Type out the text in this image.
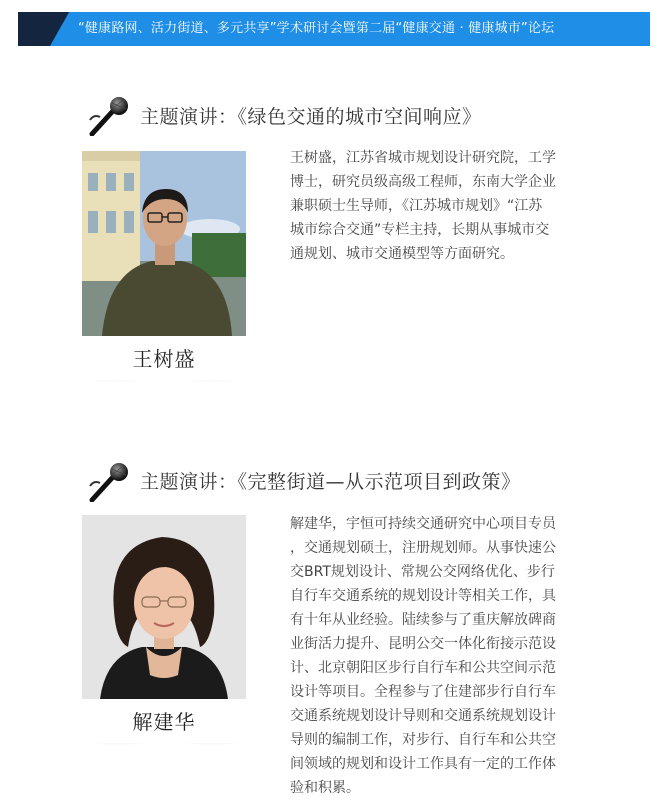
“健康路网、活力街道、多元共享”学术研讨会暨第二届“健康交通 · 健康城市”论坛
主题演讲：《绿色交通的城市空间响应》
王树盛

王树盛，江苏省城市规划设计研究院，工学

博士，研究员级高级工程师，东南大学企业

兼职硕士生导师，《江苏城市规划》“江苏

城市综合交通”专栏主持，长期从事城市交

通规划、城市交通模型等方面研究。

主题演讲：《完整街道—从示范项目到政策》
解建华

解建华，宇恒可持续交通研究中心项目专员

，交通规划硕士，注册规划师。从事快速公

交BRT规划设计、常规公交网络优化、步行

自行车交通系统的规划设计等相关工作，具

有十年从业经验。陆续参与了重庆解放碑商

业街活力提升、昆明公交一体化衔接示范设

计、北京朝阳区步行自行车和公共空间示范

设计等项目。全程参与了住建部步行自行车

交通系统规划设计导则和交通系统规划设计

导则的编制工作，对步行、自行车和公共空

间领域的规划和设计工作具有一定的工作体

验和积累。
